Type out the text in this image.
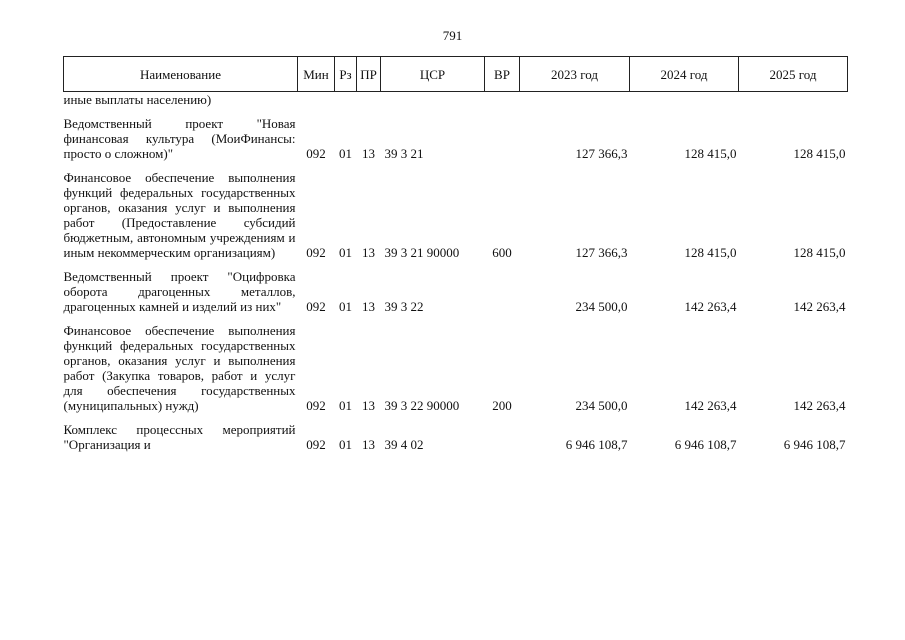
791
Наименование	Мин	Рз	ПР	ЦСР	ВР	2023 год	2024 год	2025 год
иные выплаты населению)								

Ведомственный проект "Новая финансовая культура (МоиФинансы: просто о сложном)"	092	01	13	39 3 21		127 366,3	128 415,0	128 415,0

Финансовое обеспечение выполнения функций федеральных государственных органов, оказания услуг и выполнения работ (Предоставление субсидий бюджетным, автономным учреждениям и иным некоммерческим организациям)	092	01	13	39 3 21 90000	600	127 366,3	128 415,0	128 415,0

Ведомственный проект "Оцифровка оборота драгоценных металлов, драгоценных камней и изделий из них"	092	01	13	39 3 22		234 500,0	142 263,4	142 263,4

Финансовое обеспечение выполнения функций федеральных государственных органов, оказания услуг и выполнения работ (Закупка товаров, работ и услуг для обеспечения государственных (муниципальных) нужд)	092	01	13	39 3 22 90000	200	234 500,0	142 263,4	142 263,4

Комплекс процессных мероприятий "Организация и	092	01	13	39 4 02		6 946 108,7	6 946 108,7	6 946 108,7
